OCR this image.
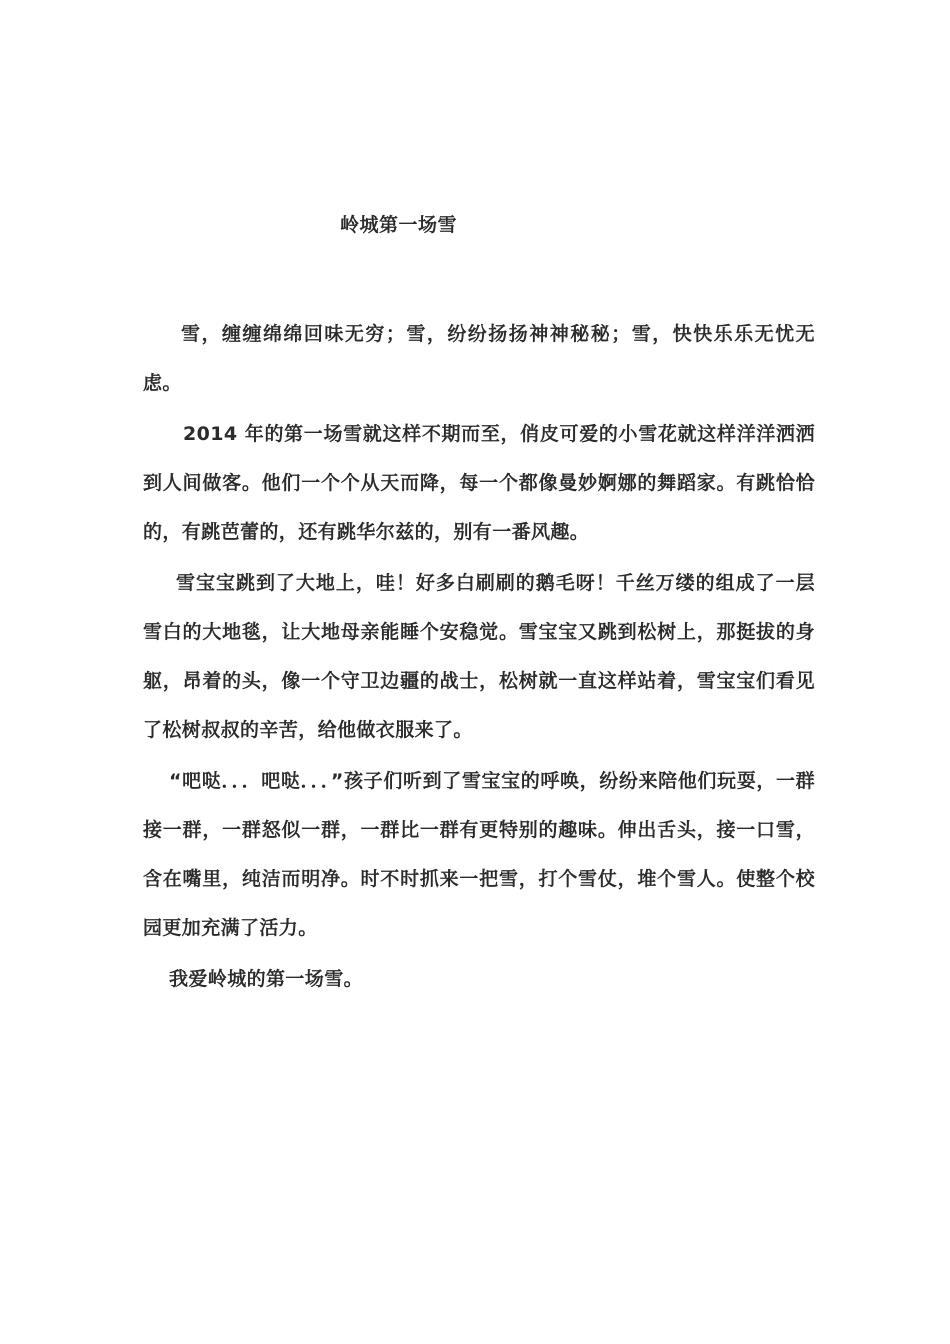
岭城第一场雪

雪，缠缠绵绵回味无穷；雪，纷纷扬扬神神秘秘；雪，快快乐乐无忧无虑。

2014 年的第一场雪就这样不期而至，俏皮可爱的小雪花就这样洋洋洒洒到人间做客。他们一个个从天而降，每一个都像曼妙婀娜的舞蹈家。有跳恰恰的，有跳芭蕾的，还有跳华尔兹的，别有一番风趣。

雪宝宝跳到了大地上，哇！好多白刷刷的鹅毛呀！千丝万缕的组成了一层雪白的大地毯，让大地母亲能睡个安稳觉。雪宝宝又跳到松树上，那挺拔的身躯，昂着的头，像一个守卫边疆的战士，松树就一直这样站着，雪宝宝们看见了松树叔叔的辛苦，给他做衣服来了。

“吧哒．．．吧哒．．．”孩子们听到了雪宝宝的呼唤，纷纷来陪他们玩耍，一群接一群，一群怒似一群，一群比一群有更特别的趣味。伸出舌头，接一口雪，含在嘴里，纯洁而明净。时不时抓来一把雪，打个雪仗，堆个雪人。使整个校园更加充满了活力。

我爱岭城的第一场雪。
